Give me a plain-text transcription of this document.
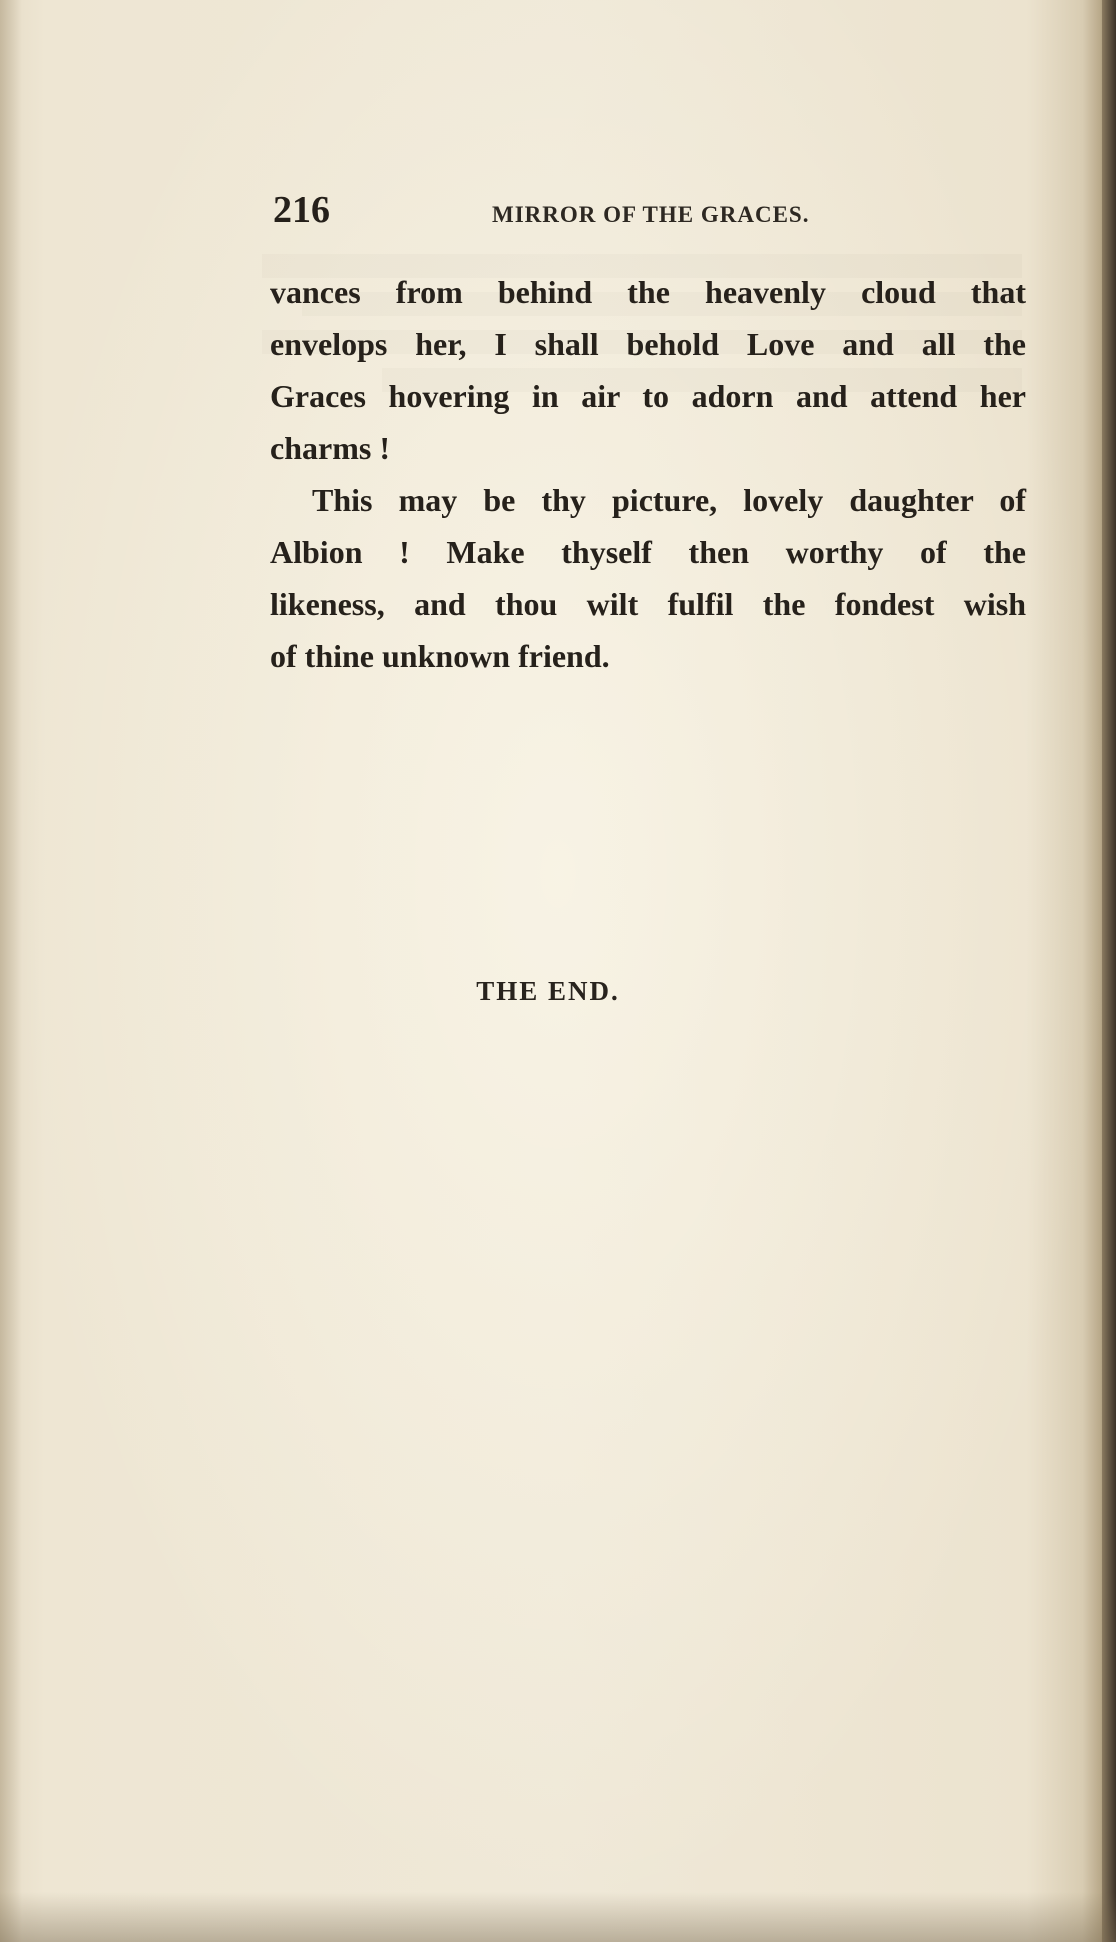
216	MIRROR OF THE GRACES.
vances from behind the heavenly cloud that
envelops her, I shall behold Love and all the
Graces hovering in air to adorn and attend her
charms !
This may be thy picture, lovely daughter of
Albion ! Make thyself then worthy of the
likeness, and thou wilt fulfil the fondest wish
of thine unknown friend.
THE END.
